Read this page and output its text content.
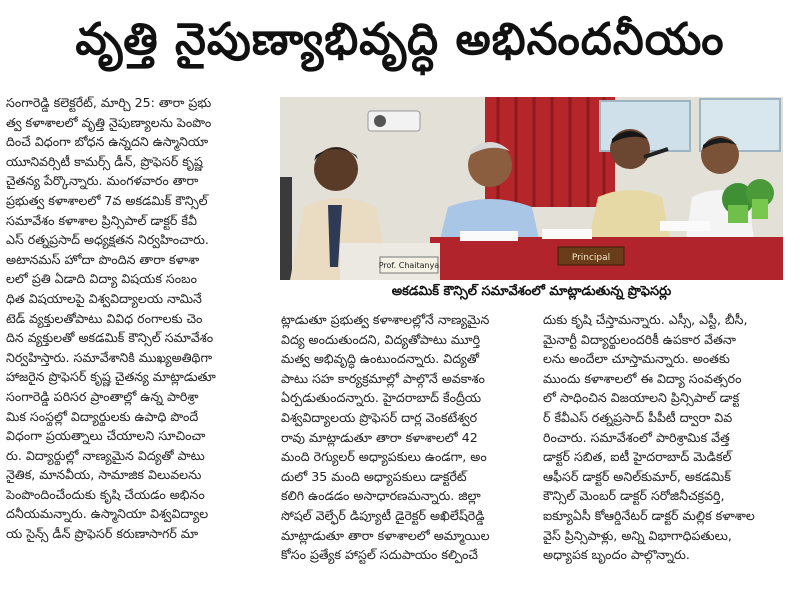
వృత్తి నైపుణ్యాభివృద్ధి అభినందనీయం
సంగారెడ్డి కలెక్టరేట్, మార్చి 25: తారా ప్రభు
త్వ కళాశాలలో వృత్తి నైపుణ్యాలను పెంపొం
దించే విధంగా బోధన ఉన్నదని ఉస్మానియా
యూనివర్సిటీ కామర్స్ డీన్, ప్రొఫెసర్ కృష్ణ
చైతన్య పేర్కొన్నారు. మంగళవారం తారా
ప్రభుత్వ కళాశాలలో 7వ అకడమిక్ కౌన్సిల్
సమావేశం కళాశాల ప్రిన్సిపాల్ డాక్టర్ కేవీ
ఎస్ రత్నప్రసాద్ అధ్యక్షతన నిర్వహించారు.
అటానమస్ హోదా పొందిన తారా కళాశా
లలో ప్రతి ఏడాది విద్యా విషయక సంబం
ధిత విషయాలపై విశ్వవిద్యాలయ నామినే
టెడ్ వ్యక్తులతోపాటు వివిధ రంగాలకు చెం
దిన వ్యక్తులతో అకడమిక్ కౌన్సిల్ సమావేశం
నిర్వహిస్తారు. సమావేశానికి ముఖ్యఅతిథిగా
హాజరైన ప్రొఫెసర్ కృష్ణ చైతన్య మాట్లాడుతూ
సంగారెడ్డి పరిసర ప్రాంతాల్లో ఉన్న పారిశ్రా
మిక సంస్థల్లో విద్యార్థులకు ఉపాధి పొందే
విధంగా ప్రయత్నాలు చేయాలని సూచించా
రు. విద్యార్థుల్లో నాణ్యమైన విద్యతో పాటు
నైతిక, మానవీయ, సామాజిక విలువలను
పెంపొందించేందుకు కృషి చేయడం అభినం
దనీయమన్నారు. ఉస్మానియా విశ్వవిద్యాల
య సైన్స్ డీన్ ప్రొఫెసర్ కరుణాసాగర్ మా
Prof. Chaitanya
Principal
అకడమిక్ కౌన్సిల్ సమావేశంలో మాట్లాడుతున్న ప్రొఫెసర్లు
ట్లాడుతూ ప్రభుత్వ కళాశాలల్లోనే నాణ్యమైన
విద్య అందుతుందని, విద్యతోపాటు మూర్తి
మత్వ అభివృద్ధి ఉంటుందన్నారు. విద్యతో
పాటు సహ కార్యక్రమాల్లో పాల్గొనే అవకాశం
ఏర్పడుతుందన్నారు. హైదరాబాద్ కేంద్రీయ
విశ్వవిద్యాలయ ప్రొఫెసర్ దార్ల వెంకటేశ్వర
రావు మాట్లాడుతూ తారా కళాశాలలో 42
మంది రెగ్యులర్ అధ్యాపకులు ఉండగా, అం
దులో 35 మంది అధ్యాపకులు డాక్టరేట్
కలిగి ఉండడం అసాధారణమన్నారు. జిల్లా
సోషల్ వెల్ఫేర్ డిప్యూటీ డైరెక్టర్ అఖిలేష్‌రెడ్డి
మాట్లాడుతూ తారా కళాశాలలో అమ్మాయిల
కోసం ప్రత్యేక హాస్టల్ సదుపాయం కల్పించే
దుకు కృషి చేస్తామన్నారు. ఎస్సీ, ఎస్టీ, బీసీ,
మైనార్టీ విద్యార్థులందరికీ ఉపకార వేతనా
లను అందేలా చూస్తామన్నారు. అంతకు
ముందు కళాశాలలో ఈ విద్యా సంవత్సరం
లో సాధించిన విజయాలని ప్రిన్సిపాల్ డాక్ట
ర్ కేవీఎస్ రత్నప్రసాద్ పీపీటీ ద్వారా వివ
రించారు. సమావేశంలో పారిశ్రామిక వేత్త
డాక్టర్ సబిత, ఐటీ హైదరాబాద్ మెడికల్
ఆఫీసర్ డాక్టర్ అనిల్‌కుమార్, అకడమిక్
కౌన్సిల్ మెంబర్ డాక్టర్ సరోజినీచక్రవర్తి,
ఐక్యూఏసీ కోఆర్డినేటర్ డాక్టర్ మల్లిక కళాశాల
వైస్ ప్రిన్సిపాళ్లు, అన్ని విభాగాధిపతులు,
అధ్యాపక బృందం పాల్గొన్నారు.
